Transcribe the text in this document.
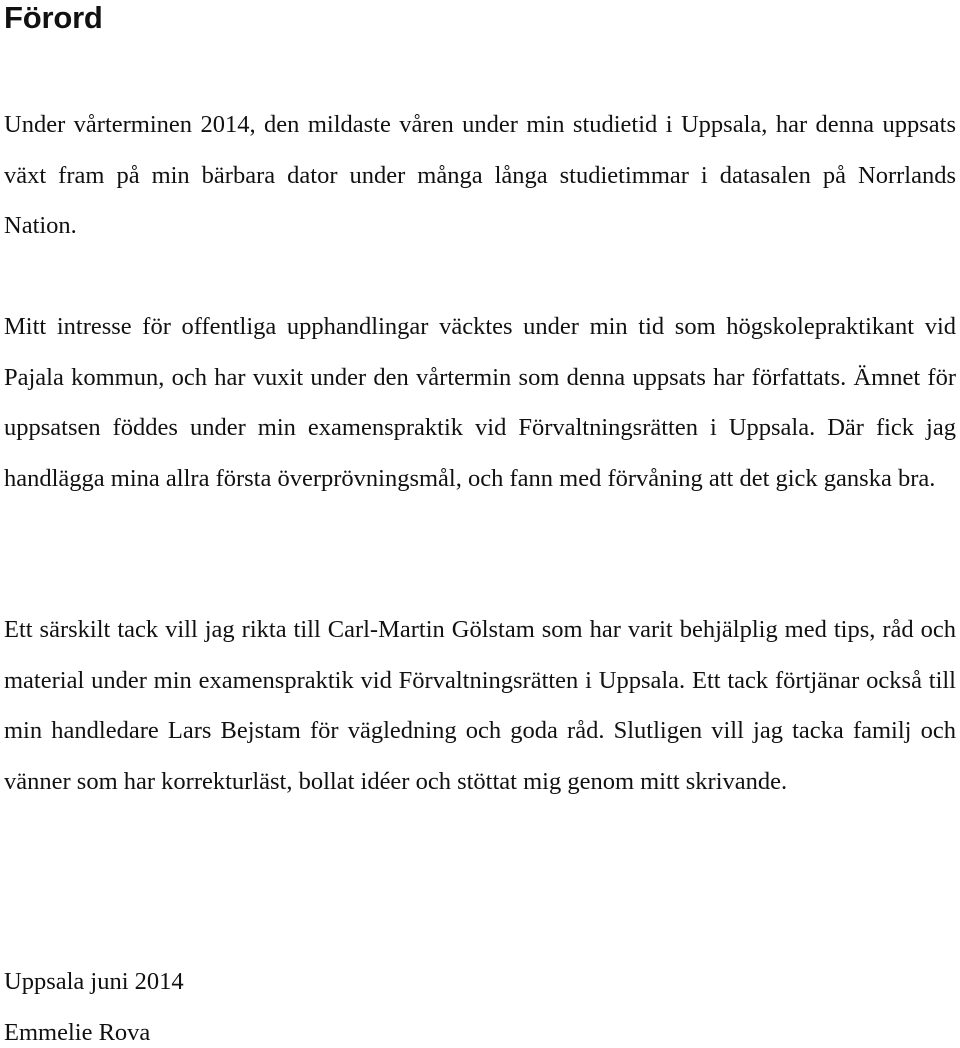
Förord

Under vårterminen 2014, den mildaste våren under min studietid i Uppsala, har denna uppsats växt fram på min bärbara dator under många långa studietimmar i datasalen på Norrlands Nation.

Mitt intresse för offentliga upphandlingar väcktes under min tid som högskolepraktikant vid Pajala kommun, och har vuxit under den vårtermin som denna uppsats har författats. Ämnet för uppsatsen föddes under min examenspraktik vid Förvaltningsrätten i Uppsala. Där fick jag handlägga mina allra första överprövningsmål, och fann med förvåning att det gick ganska bra.

Ett särskilt tack vill jag rikta till Carl-Martin Gölstam som har varit behjälplig med tips, råd och material under min examenspraktik vid Förvaltningsrätten i Uppsala. Ett tack förtjänar också till min handledare Lars Bejstam för vägledning och goda råd. Slutligen vill jag tacka familj och vänner som har korrekturläst, bollat idéer och stöttat mig genom mitt skrivande.

Uppsala juni 2014

Emmelie Rova
